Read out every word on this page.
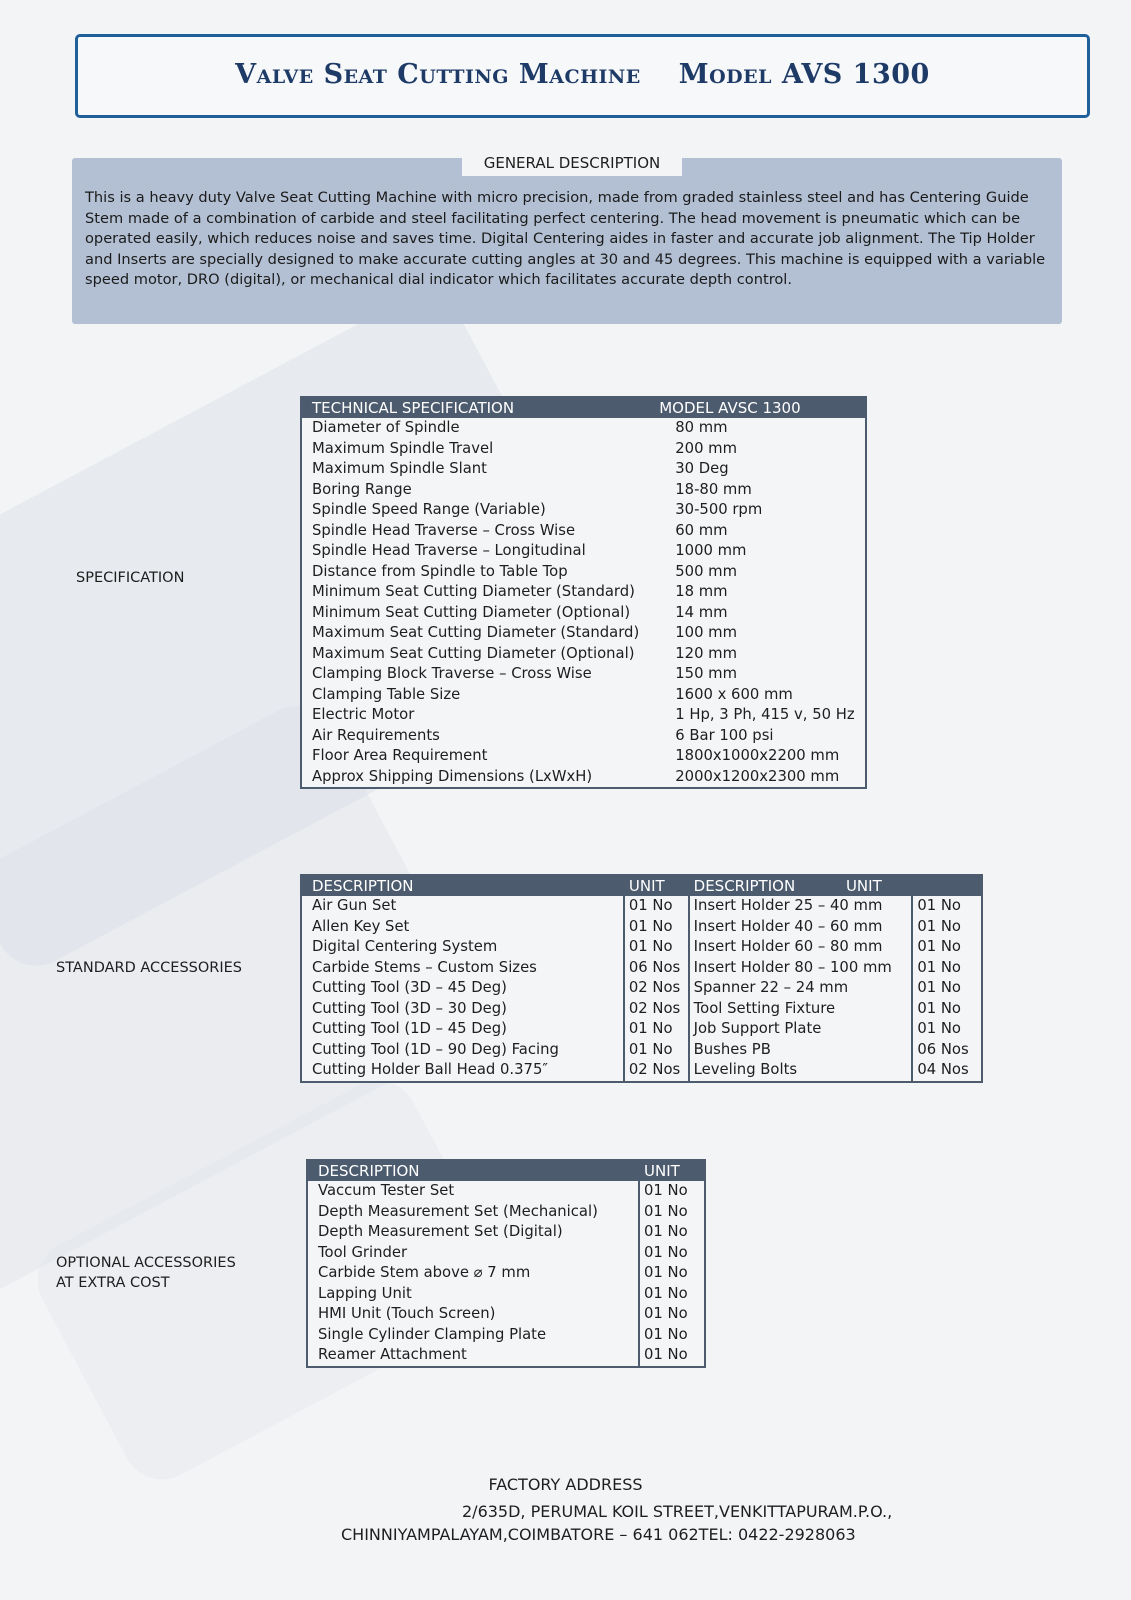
Valve Seat Cutting Machine Model AVS 1300
GENERAL DESCRIPTION
This is a heavy duty Valve Seat Cutting Machine with micro precision, made from graded stainless steel and has Centering Guide Stem made of a combination of carbide and steel facilitating perfect centering. The head movement is pneumatic which can be operated easily, which reduces noise and saves time. Digital Centering aides in faster and accurate job alignment. The Tip Holder and Inserts are specially designed to make accurate cutting angles at 30 and 45 degrees. This machine is equipped with a variable speed motor, DRO (digital), or mechanical dial indicator which facilitates accurate depth control.
SPECIFICATION
TECHNICAL SPECIFICATION	MODEL AVSC 1300
Diameter of Spindle	80 mm
Maximum Spindle Travel	200 mm
Maximum Spindle Slant	30 Deg
Boring Range	18-80 mm
Spindle Speed Range (Variable)	30-500 rpm
Spindle Head Traverse – Cross Wise	60 mm
Spindle Head Traverse – Longitudinal	1000 mm
Distance from Spindle to Table Top	500 mm
Minimum Seat Cutting Diameter (Standard)	18 mm
Minimum Seat Cutting Diameter (Optional)	14 mm
Maximum Seat Cutting Diameter (Standard)	100 mm
Maximum Seat Cutting Diameter (Optional)	120 mm
Clamping Block Traverse – Cross Wise	150 mm
Clamping Table Size	1600 x 600 mm
Electric Motor	1 Hp, 3 Ph, 415 v, 50 Hz
Air Requirements	6 Bar 100 psi
Floor Area Requirement	1800x1000x2200 mm
Approx Shipping Dimensions (LxWxH)	2000x1200x2300 mm
STANDARD ACCESSORIES
DESCRIPTION	UNIT	DESCRIPTION UNIT	
Air Gun Set	01 No	Insert Holder 25 – 40 mm	01 No
Allen Key Set	01 No	Insert Holder 40 – 60 mm	01 No
Digital Centering System	01 No	Insert Holder 60 – 80 mm	01 No
Carbide Stems – Custom Sizes	06 Nos	Insert Holder 80 – 100 mm	01 No
Cutting Tool (3D – 45 Deg)	02 Nos	Spanner 22 – 24 mm	01 No
Cutting Tool (3D – 30 Deg)	02 Nos	Tool Setting Fixture	01 No
Cutting Tool (1D – 45 Deg)	01 No	Job Support Plate	01 No
Cutting Tool (1D – 90 Deg) Facing	01 No	Bushes PB	06 Nos
Cutting Holder Ball Head 0.375″	02 Nos	Leveling Bolts	04 Nos
OPTIONAL ACCESSORIES
AT EXTRA COST
DESCRIPTION	UNIT
Vaccum Tester Set	01 No
Depth Measurement Set (Mechanical)	01 No
Depth Measurement Set (Digital)	01 No
Tool Grinder	01 No
Carbide Stem above ⌀ 7 mm	01 No
Lapping Unit	01 No
HMI Unit (Touch Screen)	01 No
Single Cylinder Clamping Plate	01 No
Reamer Attachment	01 No
FACTORY ADDRESS
2/635D, PERUMAL KOIL STREET,VENKITTAPURAM.P.O.,
CHINNIYAMPALAYAM,COIMBATORE – 641 062TEL: 0422-2928063
